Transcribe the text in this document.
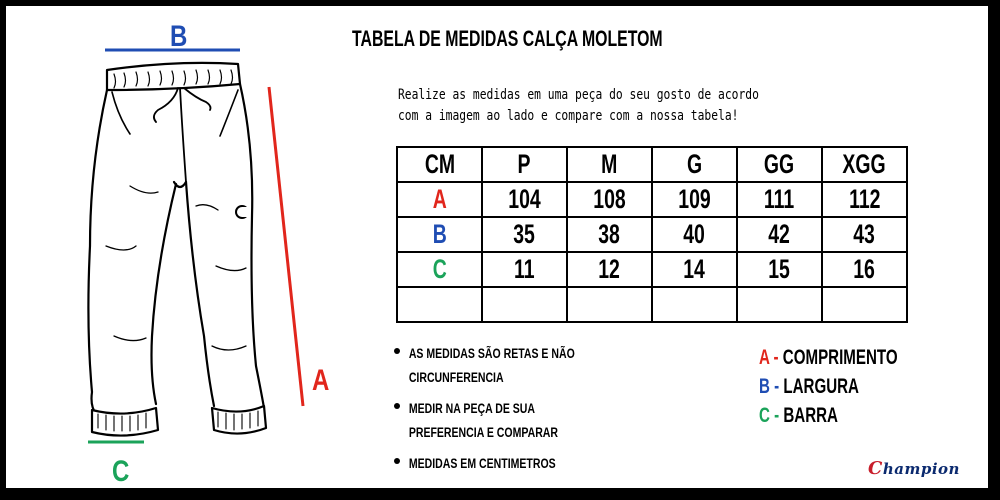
B
A
C
TABELA DE MEDIDAS CALÇA MOLETOM
Realize as medidas em uma peça do seu gosto de acordo
com a imagem ao lado e compare com a nossa tabela!
CM	P	M	G	GG	XGG
A	104	108	109	111	112
B	35	38	40	42	43
C	11	12	14	15	16

AS MEDIDAS SÃO RETAS E NÃO
CIRCUNFERENCIA
MEDIR NA PEÇA DE SUA
PREFERENCIA E COMPARAR
MEDIDAS EM CENTIMETROS
A - COMPRIMENTO
B - LARGURA
C - BARRA
Champion
